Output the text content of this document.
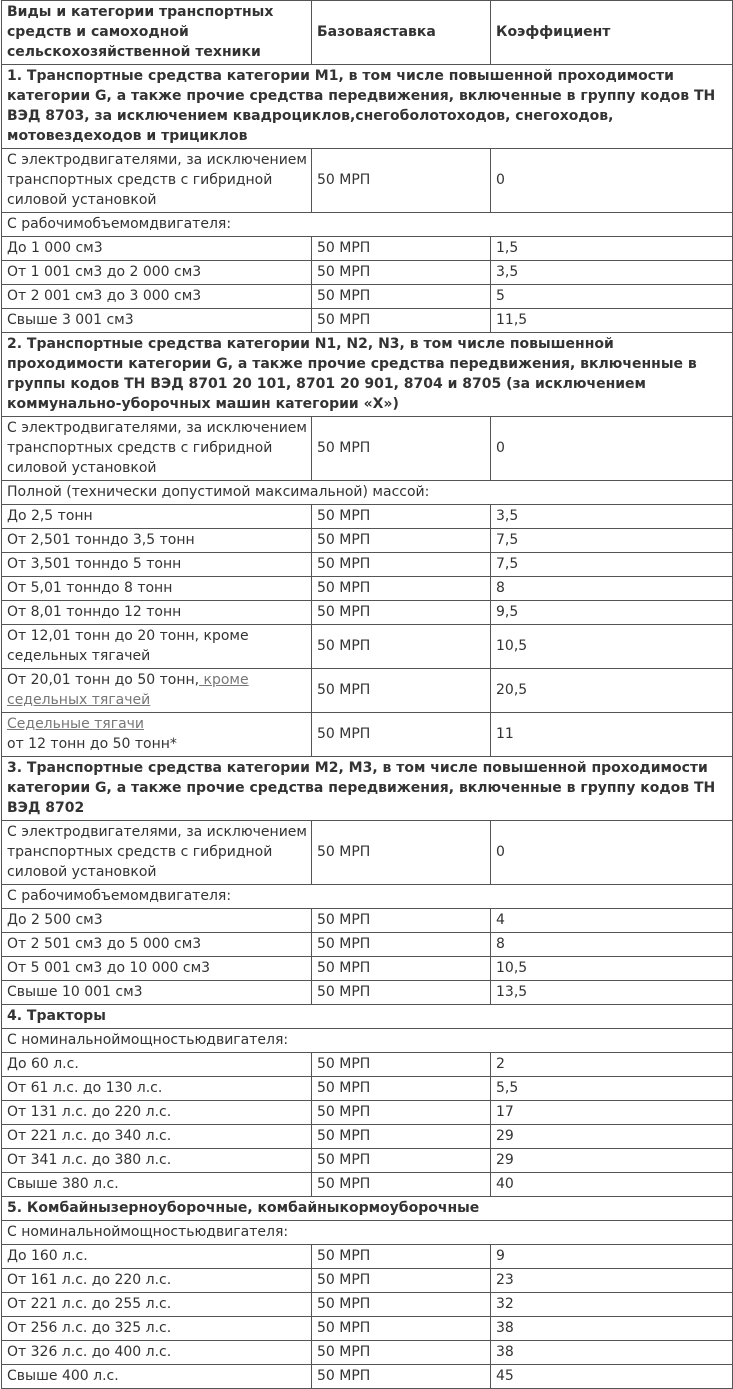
Виды и категории транспортных средств и самоходной сельскохозяйственной техники	Базоваяставка	Коэффициент
1. Транспортные средства категории M1, в том числе повышенной проходимости категории G, а также прочие средства передвижения, включенные в группу кодов ТН ВЭД 8703, за исключением квадроциклов,снегоболотоходов, снегоходов, мотовездеходов и трициклов		
С электродвигателями, за исключением транспортных средств с гибридной силовой установкой	50 МРП	0
С рабочимобъемомдвигателя:		
До 1 000 см3	50 МРП	1,5
От 1 001 см3 до 2 000 см3	50 МРП	3,5
От 2 001 см3 до 3 000 см3	50 МРП	5
Свыше 3 001 см3	50 МРП	11,5
2. Транспортные средства категории N1, N2, N3, в том числе повышенной проходимости категории G, а также прочие средства передвижения, включенные в группы кодов ТН ВЭД 8701 20 101, 8701 20 901, 8704 и 8705 (за исключением коммунально-уборочных машин категории «Х»)		
С электродвигателями, за исключением транспортных средств с гибридной силовой установкой	50 МРП	0
Полной (технически допустимой максимальной) массой:		
До 2,5 тонн	50 МРП	3,5
От 2,501 тонндо 3,5 тонн	50 МРП	7,5
От 3,501 тонндо 5 тонн	50 МРП	7,5
От 5,01 тонндо 8 тонн	50 МРП	8
От 8,01 тонндо 12 тонн	50 МРП	9,5
От 12,01 тонн до 20 тонн, кроме седельных тягачей	50 МРП	10,5
От 20,01 тонн до 50 тонн, кроме седельных тягачей	50 МРП	20,5
Седельные тягачи
от 12 тонн до 50 тонн*	50 МРП	11
3. Транспортные средства категории M2, M3, в том числе повышенной проходимости категории G, а также прочие средства передвижения, включенные в группу кодов ТН ВЭД 8702		
С электродвигателями, за исключением транспортных средств с гибридной силовой установкой	50 МРП	0
С рабочимобъемомдвигателя:		
До 2 500 см3	50 МРП	4
От 2 501 см3 до 5 000 см3	50 МРП	8
От 5 001 см3 до 10 000 см3	50 МРП	10,5
Свыше 10 001 см3	50 МРП	13,5
4. Тракторы		
С номинальноймощностьюдвигателя:		
До 60 л.с.	50 МРП	2
От 61 л.с. до 130 л.с.	50 МРП	5,5
От 131 л.с. до 220 л.с.	50 МРП	17
От 221 л.с. до 340 л.с.	50 МРП	29
От 341 л.с. до 380 л.с.	50 МРП	29
Свыше 380 л.с.	50 МРП	40
5. Комбайнызерноуборочные, комбайныкормоуборочные		
С номинальноймощностьюдвигателя:		
До 160 л.с.	50 МРП	9
От 161 л.с. до 220 л.с.	50 МРП	23
От 221 л.с. до 255 л.с.	50 МРП	32
От 256 л.с. до 325 л.с.	50 МРП	38
От 326 л.с. до 400 л.с.	50 МРП	38
Свыше 400 л.с.	50 МРП	45
